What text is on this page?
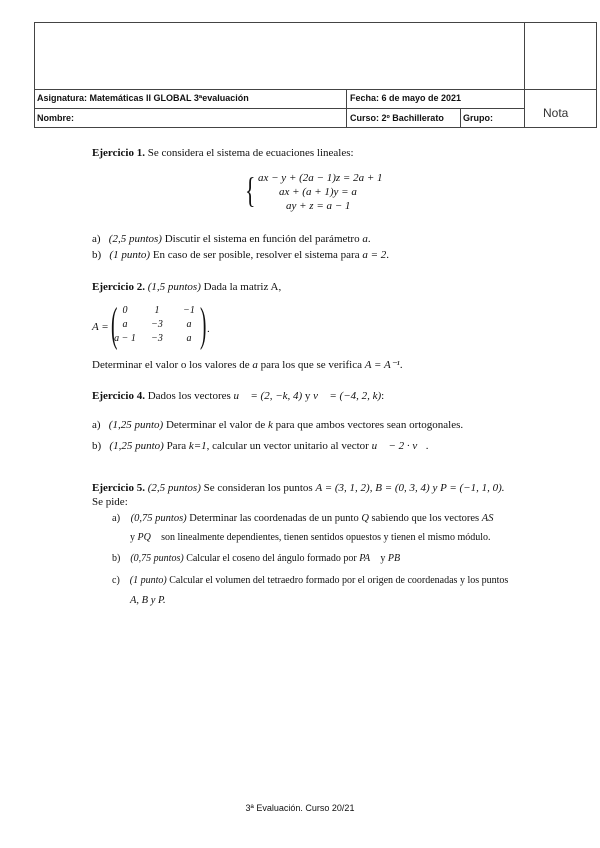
Asignatura: Matemáticas II GLOBAL 3ªevaluación	Fecha: 6 de mayo de 2021
Nombre:	Curso: 2º Bachillerato Grupo:	Nota
Ejercicio 1. Se considera el sistema de ecuaciones lineales:
{ ax − y + (2a − 1)z = 2a + 1
ax + (a + 1)y = a
ay + z = a − 1
a) (2,5 puntos) Discutir el sistema en función del parámetro a.
b) (1 punto) En caso de ser posible, resolver el sistema para a = 2.
Ejercicio 2. (1,5 puntos) Dada la matriz A,
A = ( 0	1	−1
a	−3	a
a − 1	−3	a ) .
Determinar el valor o los valores de a para los que se verifica A = A⁻¹.
Ejercicio 4. Dados los vectores u⃗ = (2, −k, 4) y v⃗ = (−4, 2, k):
a) (1,25 punto) Determinar el valor de k para que ambos vectores sean ortogonales.
b) (1,25 punto) Para k=1, calcular un vector unitario al vector u⃗ − 2 · v⃗.
Ejercicio 5. (2,5 puntos) Se consideran los puntos A = (3, 1, 2), B = (0, 3, 4) y P = (−1, 1, 0).
Se pide:
a) (0,75 puntos) Determinar las coordenadas de un punto Q sabiendo que los vectores AS⃗
y PQ⃗ son linealmente dependientes, tienen sentidos opuestos y tienen el mismo módulo.
b) (0,75 puntos) Calcular el coseno del ángulo formado por PA⃗ y PB⃗
c) (1 punto) Calcular el volumen del tetraedro formado por el origen de coordenadas y los puntos
A, B y P.
3ª Evaluación. Curso 20/21
